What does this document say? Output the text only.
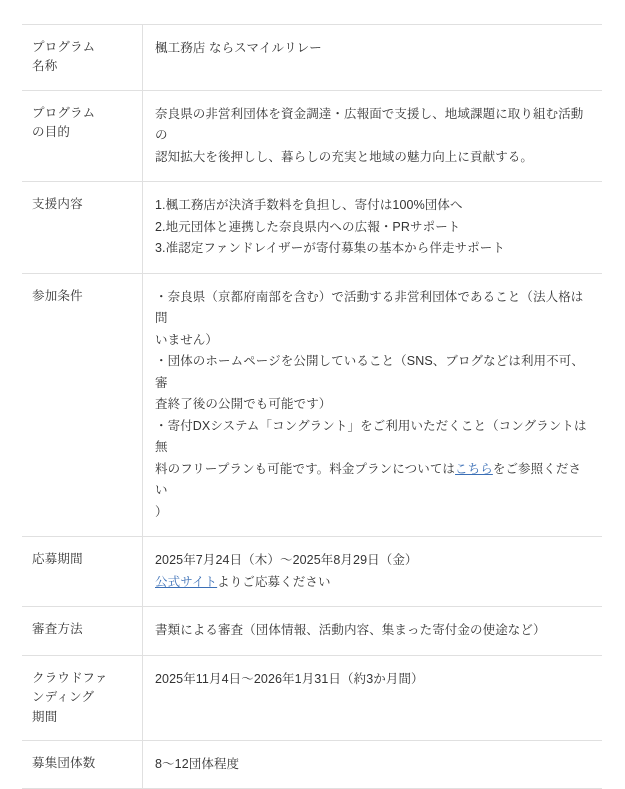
プログラム
名称	楓工務店 ならスマイルリレー

プログラム
の目的	奈良県の非営利団体を資金調達・広報面で支援し、地域課題に取り組む活動の
認知拡大を後押しし、暮らしの充実と地域の魅力向上に貢献する。

支援内容	1.楓工務店が決済手数料を負担し、寄付は100%団体へ
2.地元団体と連携した奈良県内への広報・PRサポート
3.准認定ファンドレイザーが寄付募集の基本から伴走サポート

参加条件	・奈良県（京都府南部を含む）で活動する非営利団体であること（法人格は問
いません）
・団体のホームページを公開していること（SNS、ブログなどは利用不可、審
査終了後の公開でも可能です）
・寄付DXシステム「コングラント」をご利用いただくこと（コングラントは無
料のフリープランも可能です。料金プランについてはこちらをご参照ください
）

応募期間	2025年7月24日（木）〜2025年8月29日（金）
公式サイトよりご応募ください

審査方法	書類による審査（団体情報、活動内容、集まった寄付金の使途など）

クラウドファ
ンディング
期間	2025年11月4日〜2026年1月31日（約3か月間）

募集団体数	8〜12団体程度
